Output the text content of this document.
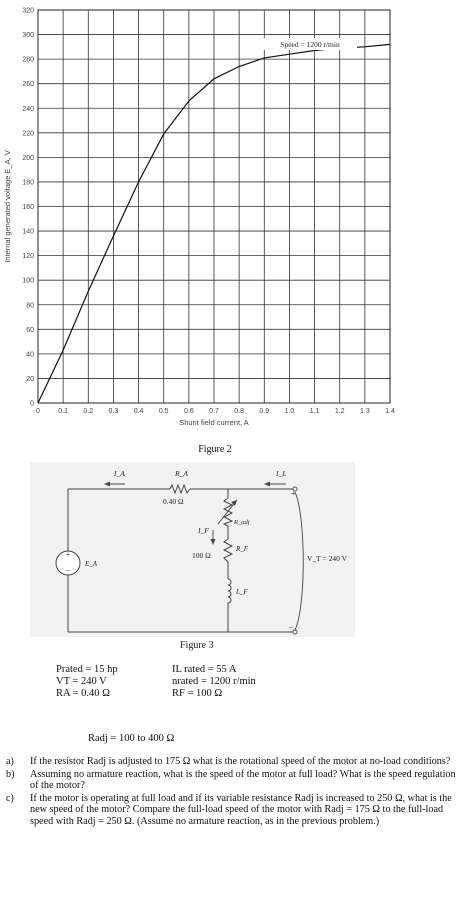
0	0.1 0.2 0.3 0.4 0.5 0.6 0.7 0.8 0.9 1.0 1.1 1.2 1.3 1.4
0
20
40
60
80
100
120
140
160
180
200
220
240
260
280
300
320
Shunt field current, A
Internal generated voltage E_A, V
Speed = 1200 r/min
Figure 2
+
−
+
−
I_A	I_L
R_A
0.40 Ω
R_adj
I_F
R_F
100 Ω
L_F
E_A
V_T = 240 V
Figure 3
Prated = 15 hp
VT = 240 V
RA = 0.40 Ω
IL rated = 55 A
nrated = 1200 r/min
RF = 100 Ω
Radj = 100 to 400 Ω
a) If the resistor Radj is adjusted to 175 Ω what is the rotational speed of the motor at no-load conditions?
b) Assuming no armature reaction, what is the speed of the motor at full load? What is the speed regulation of the motor?
c) If the motor is operating at full load and if its variable resistance Radj is increased to 250 Ω, what is the new speed of the motor? Compare the full-load speed of the motor with Radj = 175 Ω to the full-load speed with Radj = 250 Ω. (Assume no armature reaction, as in the previous problem.)
